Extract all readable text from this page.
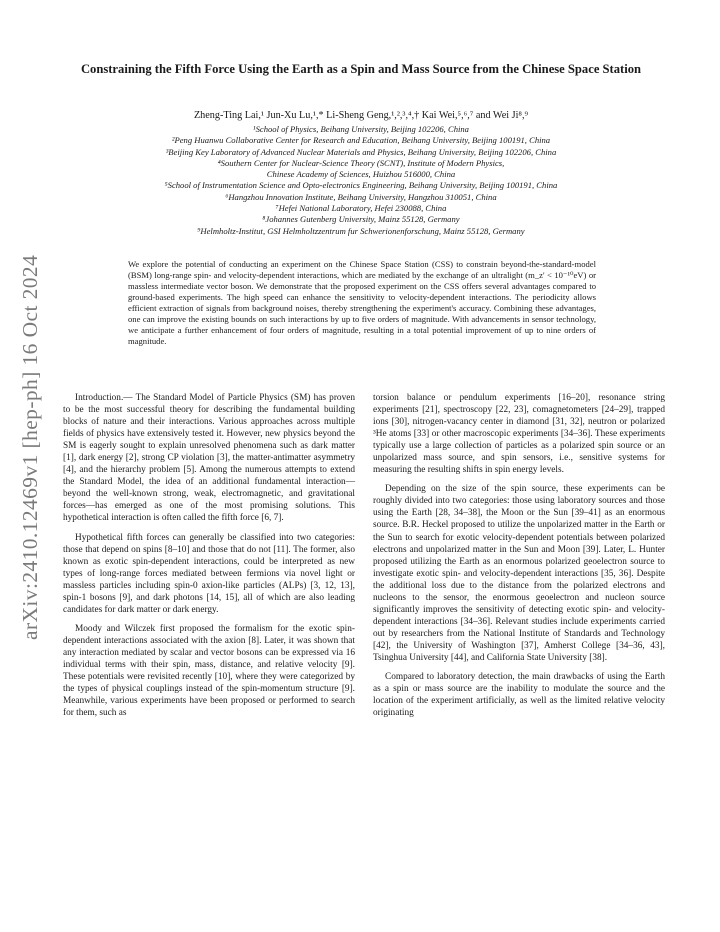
arXiv:2410.12469v1 [hep-ph] 16 Oct 2024
Constraining the Fifth Force Using the Earth as a Spin and Mass Source from the Chinese Space Station
Zheng-Ting Lai,¹ Jun-Xu Lu,¹,* Li-Sheng Geng,¹,²,³,⁴,† Kai Wei,⁵,⁶,⁷ and Wei Ji⁸,⁹
¹School of Physics, Beihang University, Beijing 102206, China
²Peng Huanwu Collaborative Center for Research and Education, Beihang University, Beijing 100191, China
³Beijing Key Laboratory of Advanced Nuclear Materials and Physics, Beihang University, Beijing 102206, China
⁴Southern Center for Nuclear-Science Theory (SCNT), Institute of Modern Physics,
Chinese Academy of Sciences, Huizhou 516000, China
⁵School of Instrumentation Science and Opto-electronics Engineering, Beihang University, Beijing 100191, China
⁶Hangzhou Innovation Institute, Beihang University, Hangzhou 310051, China
⁷Hefei National Laboratory, Hefei 230088, China
⁸Johannes Gutenberg University, Mainz 55128, Germany
⁹Helmholtz-Institut, GSI Helmholtzzentrum fur Schwerionenforschung, Mainz 55128, Germany
We explore the potential of conducting an experiment on the Chinese Space Station (CSS) to constrain beyond-the-standard-model (BSM) long-range spin- and velocity-dependent interactions, which are mediated by the exchange of an ultralight (m_z' < 10⁻¹⁰eV) or massless intermediate vector boson. We demonstrate that the proposed experiment on the CSS offers several advantages compared to ground-based experiments. The high speed can enhance the sensitivity to velocity-dependent interactions. The periodicity allows efficient extraction of signals from background noises, thereby strengthening the experiment's accuracy. Combining these advantages, one can improve the existing bounds on such interactions by up to five orders of magnitude. With advancements in sensor technology, we anticipate a further enhancement of four orders of magnitude, resulting in a total potential improvement of up to nine orders of magnitude.

Introduction.— The Standard Model of Particle Physics (SM) has proven to be the most successful theory for describing the fundamental building blocks of nature and their interactions. Various approaches across multiple fields of physics have extensively tested it. However, new physics beyond the SM is eagerly sought to explain unresolved phenomena such as dark matter [1], dark energy [2], strong CP violation [3], the matter-antimatter asymmetry [4], and the hierarchy problem [5]. Among the numerous attempts to extend the Standard Model, the idea of an additional fundamental interaction—beyond the well-known strong, weak, electromagnetic, and gravitational forces—has emerged as one of the most promising solutions. This hypothetical interaction is often called the fifth force [6, 7].

Hypothetical fifth forces can generally be classified into two categories: those that depend on spins [8–10] and those that do not [11]. The former, also known as exotic spin-dependent interactions, could be interpreted as new types of long-range forces mediated between fermions via novel light or massless particles including spin-0 axion-like particles (ALPs) [3, 12, 13], spin-1 bosons [9], and dark photons [14, 15], all of which are also leading candidates for dark matter or dark energy.

Moody and Wilczek first proposed the formalism for the exotic spin-dependent interactions associated with the axion [8]. Later, it was shown that any interaction mediated by scalar and vector bosons can be expressed via 16 individual terms with their spin, mass, distance, and relative velocity [9]. These potentials were revisited recently [10], where they were categorized by the types of physical couplings instead of the spin-momentum structure [9]. Meanwhile, various experiments have been proposed or performed to search for them, such as

torsion balance or pendulum experiments [16–20], resonance string experiments [21], spectroscopy [22, 23], comagnetometers [24–29], trapped ions [30], nitrogen-vacancy center in diamond [31, 32], neutron or polarized ³He atoms [33] or other macroscopic experiments [34–36]. These experiments typically use a large collection of particles as a polarized spin source or an unpolarized mass source, and spin sensors, i.e., sensitive systems for measuring the resulting shifts in spin energy levels.

Depending on the size of the spin source, these experiments can be roughly divided into two categories: those using laboratory sources and those using the Earth [28, 34–38], the Moon or the Sun [39–41] as an enormous source. B.R. Heckel proposed to utilize the unpolarized matter in the Earth or the Sun to search for exotic velocity-dependent potentials between polarized electrons and unpolarized matter in the Sun and Moon [39]. Later, L. Hunter proposed utilizing the Earth as an enormous polarized geoelectron source to investigate exotic spin- and velocity-dependent interactions [35, 36]. Despite the additional loss due to the distance from the polarized electrons and nucleons to the sensor, the enormous geoelectron and nucleon source significantly improves the sensitivity of detecting exotic spin- and velocity-dependent interactions [34–36]. Relevant studies include experiments carried out by researchers from the National Institute of Standards and Technology [42], the University of Washington [37], Amherst College [34–36, 43], Tsinghua University [44], and California State University [38].

Compared to laboratory detection, the main drawbacks of using the Earth as a spin or mass source are the inability to modulate the source and the location of the experiment artificially, as well as the limited relative velocity originating
